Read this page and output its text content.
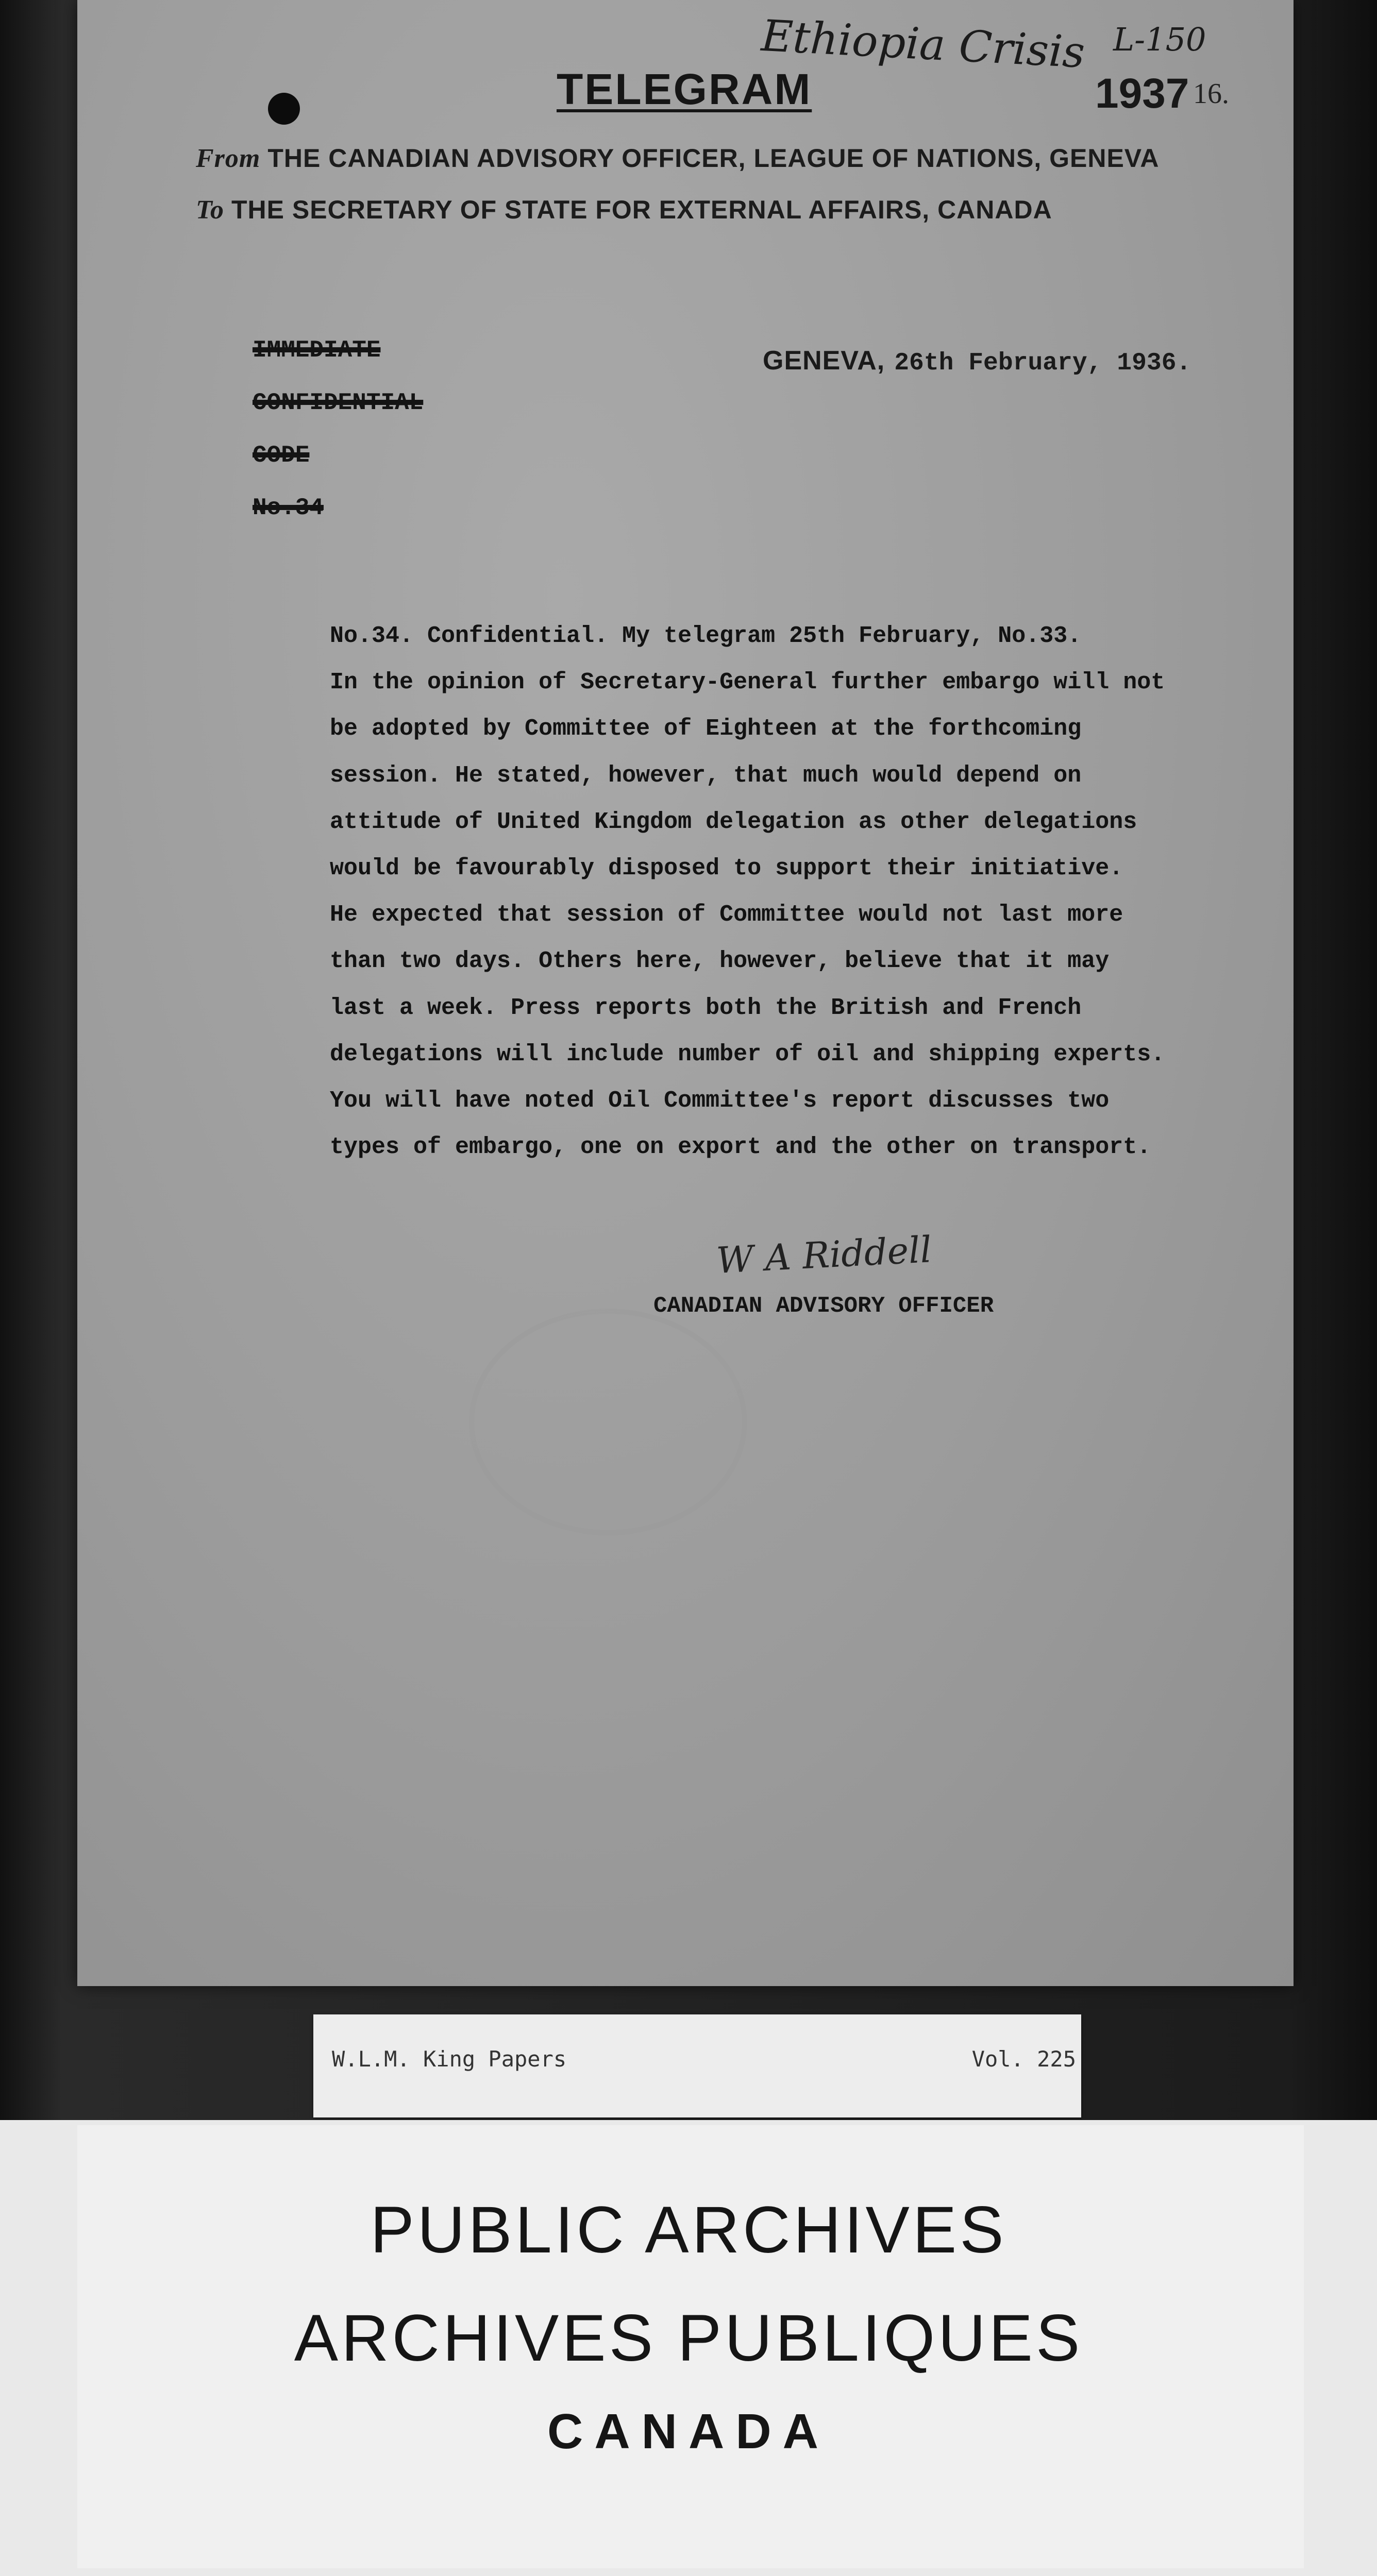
Ethiopia Crisis L-150
TELEGRAM	1937 16.
From THE CANADIAN ADVISORY OFFICER, LEAGUE OF NATIONS, GENEVA
To THE SECRETARY OF STATE FOR EXTERNAL AFFAIRS, CANADA
IMMEDIATE
CONFIDENTIAL
CODE
No.34
GENEVA, 26th February, 1936.
No.34. Confidential. My telegram 25th February, No.33.
In the opinion of Secretary-General further embargo will not
be adopted by Committee of Eighteen at the forthcoming
session. He stated, however, that much would depend on
attitude of United Kingdom delegation as other delegations
would be favourably disposed to support their initiative.
He expected that session of Committee would not last more
than two days. Others here, however, believe that it may
last a week. Press reports both the British and French
delegations will include number of oil and shipping experts.
You will have noted Oil Committee's report discusses two
types of embargo, one on export and the other on transport.
W A Riddell
CANADIAN ADVISORY OFFICER
W.L.M. King Papers	Vol. 225
PUBLIC ARCHIVES
ARCHIVES PUBLIQUES
CANADA
